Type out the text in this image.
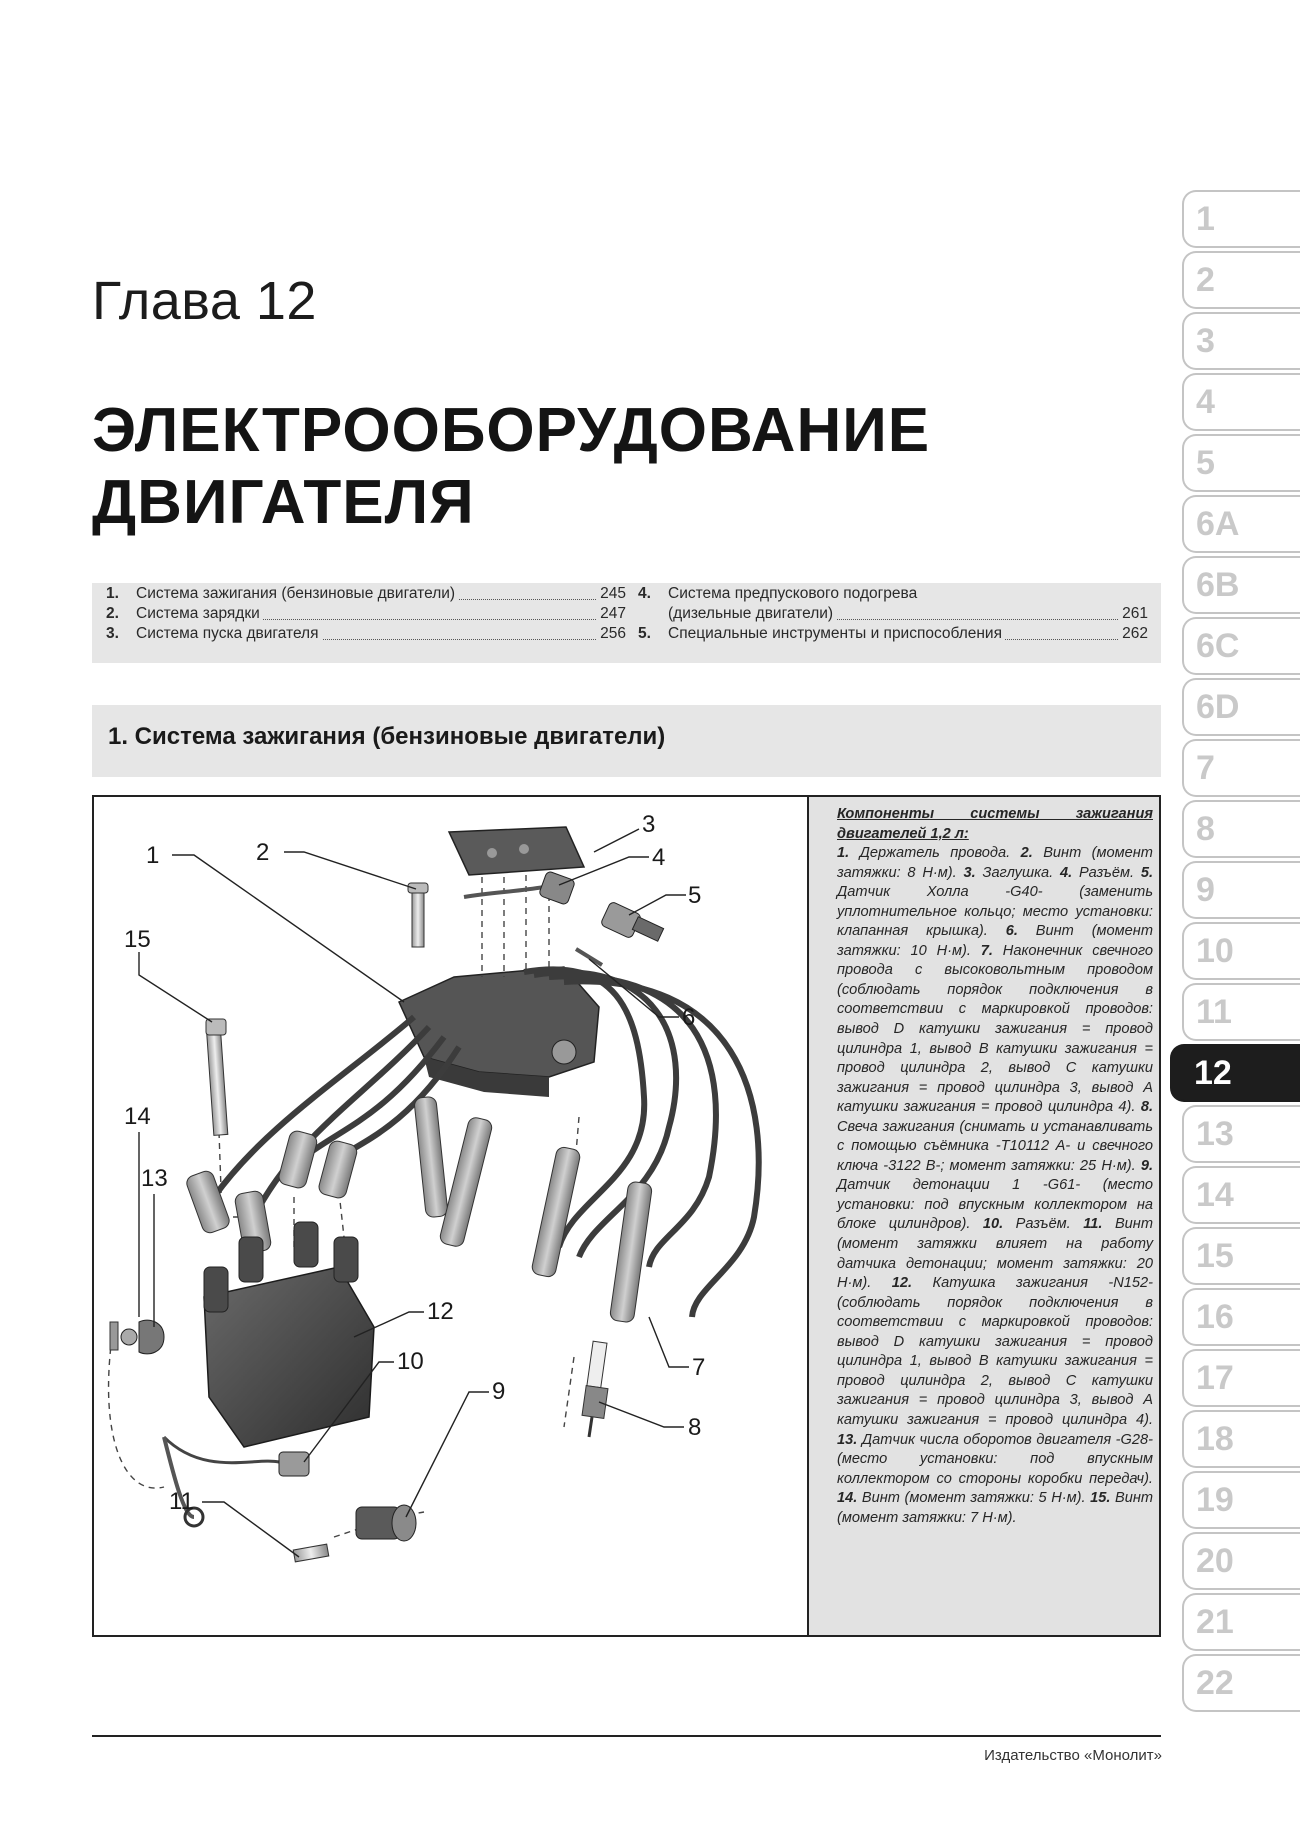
Глава 12
ЭЛЕКТРООБОРУДОВАНИЕ
ДВИГАТЕЛЯ
1. Система зажигания (бензиновые двигатели)	245
2. Система зарядки	247
3. Система пуска двигателя	256
4. Система предпускового подогрева
(дизельные двигатели)	261
5. Специальные инструменты и приспособления	262
1. Система зажигания (бензиновые двигатели)
1	2
3
4
5
6
7
8
9
10
11
12
13
14
15
Компоненты системы зажигания двигателей 1,2 л:
1. Держатель провода. 2. Винт (момент затяжки: 8 Н·м). 3. Заглушка. 4. Разъём. 5. Датчик Холла -G40- (заменить уплотнительное кольцо; место установки: клапанная крышка). 6. Винт (момент затяжки: 10 Н·м). 7. Наконечник свечного провода с высоковольтным проводом (соблюдать порядок подключения в соответствии с маркировкой проводов: вывод D катушки зажигания = провод цилиндра 1, вывод B катушки зажигания = провод цилиндра 2, вывод C катушки зажигания = провод цилиндра 3, вывод A катушки зажигания = провод цилиндра 4). 8. Свеча зажигания (снимать и устанавливать с помощью съёмника -T10112 A- и свечного ключа -3122 B-; момент затяжки: 25 Н·м). 9. Датчик детонации 1 -G61- (место установки: под впускным коллектором на блоке цилиндров). 10. Разъём. 11. Винт (момент затяжки влияет на работу датчика детонации; момент затяжки: 20 Н·м). 12. Катушка зажигания -N152- (соблюдать порядок подключения в соответствии с маркировкой проводов: вывод D катушки зажигания = провод цилиндра 1, вывод B катушки зажигания = провод цилиндра 2, вывод C катушки зажигания = провод цилиндра 3, вывод A катушки зажигания = провод цилиндра 4). 13. Датчик числа оборотов двигателя -G28- (место установки: под впускным коллектором со стороны коробки передач). 14. Винт (момент затяжки: 5 Н·м). 15. Винт (момент затяжки: 7 Н·м).
1
2
3
4
5
6A
6B
6C
6D
7
8
9
10
11
12
13
14
15
16
17
18
19
20
21
22
Издательство «Монолит»
